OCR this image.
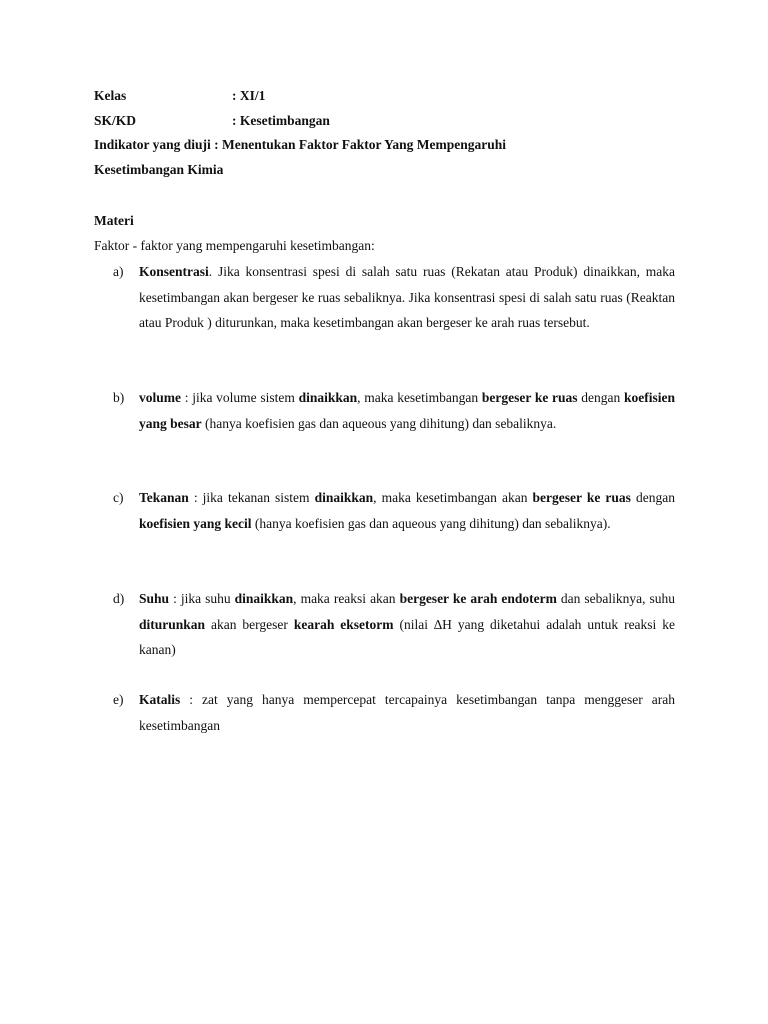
Kelas	: XI/1
SK/KD	: Kesetimbangan
Indikator yang diuji : Menentukan Faktor Faktor Yang Mempengaruhi
Kesetimbangan Kimia
Materi
Faktor - faktor yang mempengaruhi kesetimbangan:
a) Konsentrasi. Jika konsentrasi spesi di salah satu ruas (Rekatan atau Produk) dinaikkan, maka kesetimbangan akan bergeser ke ruas sebaliknya. Jika konsentrasi spesi di salah satu ruas (Reaktan atau Produk ) diturunkan, maka kesetimbangan akan bergeser ke arah ruas tersebut.
b) volume : jika volume sistem dinaikkan, maka kesetimbangan bergeser ke ruas dengan koefisien yang besar (hanya koefisien gas dan aqueous yang dihitung) dan sebaliknya.
c) Tekanan : jika tekanan sistem dinaikkan, maka kesetimbangan akan bergeser ke ruas dengan koefisien yang kecil (hanya koefisien gas dan aqueous yang dihitung) dan sebaliknya).
d) Suhu : jika suhu dinaikkan, maka reaksi akan bergeser ke arah endoterm dan sebaliknya, suhu diturunkan akan bergeser kearah eksetorm (nilai ∆H yang diketahui adalah untuk reaksi ke kanan)
e) Katalis : zat yang hanya mempercepat tercapainya kesetimbangan tanpa menggeser arah kesetimbangan
